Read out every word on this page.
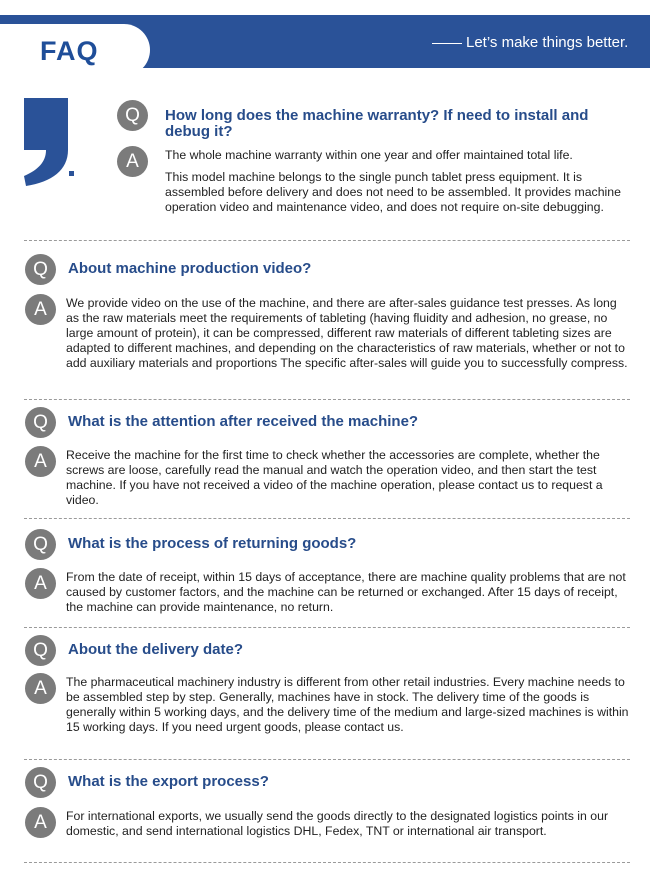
FAQ	Let’s make things better.
Q	How long does the machine warranty? If need to install and debug it?
A	The whole machine warranty within one year and offer maintained total life.
This model machine belongs to the single punch tablet press equipment. It is assembled before delivery and does not need to be assembled. It provides machine operation video and maintenance video, and does not require on-site debugging.
Q	About machine production video?
A	We provide video on the use of the machine, and there are after-sales guidance test presses. As long as the raw materials meet the requirements of tableting (having fluidity and adhesion, no grease, no large amount of protein), it can be compressed, different raw materials of different tableting sizes are adapted to different machines, and depending on the characteristics of raw materials, whether or not to add auxiliary materials and proportions The specific after-sales will guide you to successfully compress.
Q	What is the attention after received the machine?
A	Receive the machine for the first time to check whether the accessories are complete, whether the screws are loose, carefully read the manual and watch the operation video, and then start the test machine. If you have not received a video of the machine operation, please contact us to request a video.
Q	What is the process of returning goods?
A	From the date of receipt, within 15 days of acceptance, there are machine quality problems that are not caused by customer factors, and the machine can be returned or exchanged. After 15 days of receipt, the machine can provide maintenance, no return.
Q	About the delivery date?
A	The pharmaceutical machinery industry is different from other retail industries. Every machine needs to be assembled step by step. Generally, machines have in stock. The delivery time of the goods is generally within 5 working days, and the delivery time of the medium and large-sized machines is within 15 working days. If you need urgent goods, please contact us.
Q	What is the export process?
A	For international exports, we usually send the goods directly to the designated logistics points in our domestic, and send international logistics DHL, Fedex, TNT or international air transport.
